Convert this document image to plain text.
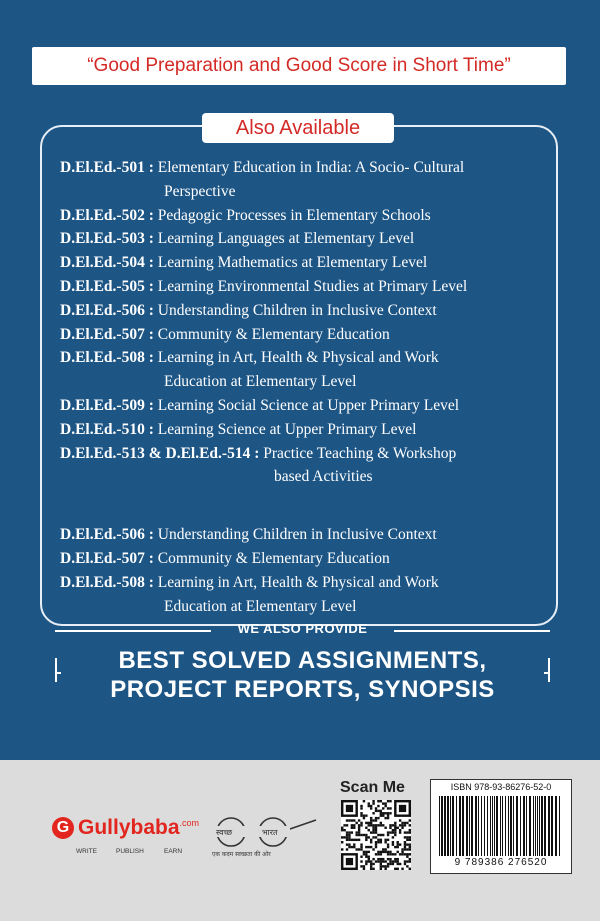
“Good Preparation and Good Score in Short Time”
Also Available
D.El.Ed.-501 : Elementary Education in India: A Socio- Cultural
Perspective
D.El.Ed.-502 : Pedagogic Processes in Elementary Schools
D.El.Ed.-503 : Learning Languages at Elementary Level
D.El.Ed.-504 : Learning Mathematics at Elementary Level
D.El.Ed.-505 : Learning Environmental Studies at Primary Level
D.El.Ed.-506 : Understanding Children in Inclusive Context
D.El.Ed.-507 : Community & Elementary Education
D.El.Ed.-508 : Learning in Art, Health & Physical and Work
Education at Elementary Level
D.El.Ed.-509 : Learning Social Science at Upper Primary Level
D.El.Ed.-510 : Learning Science at Upper Primary Level
D.El.Ed.-513 & D.El.Ed.-514 : Practice Teaching & Workshop
based Activities
D.El.Ed.-506 : Understanding Children in Inclusive Context
D.El.Ed.-507 : Community & Elementary Education
D.El.Ed.-508 : Learning in Art, Health & Physical and Work
Education at Elementary Level
WE ALSO PROVIDE
BEST SOLVED ASSIGNMENTS,
PROJECT REPORTS, SYNOPSIS
G Gullybaba .com
WRITE	PUBLISH	EARN
स्वच्छ	भारत
एक कदम स्वच्छता की ओर
Scan Me	ISBN 978-93-86276-52-0
9 789386 276520
